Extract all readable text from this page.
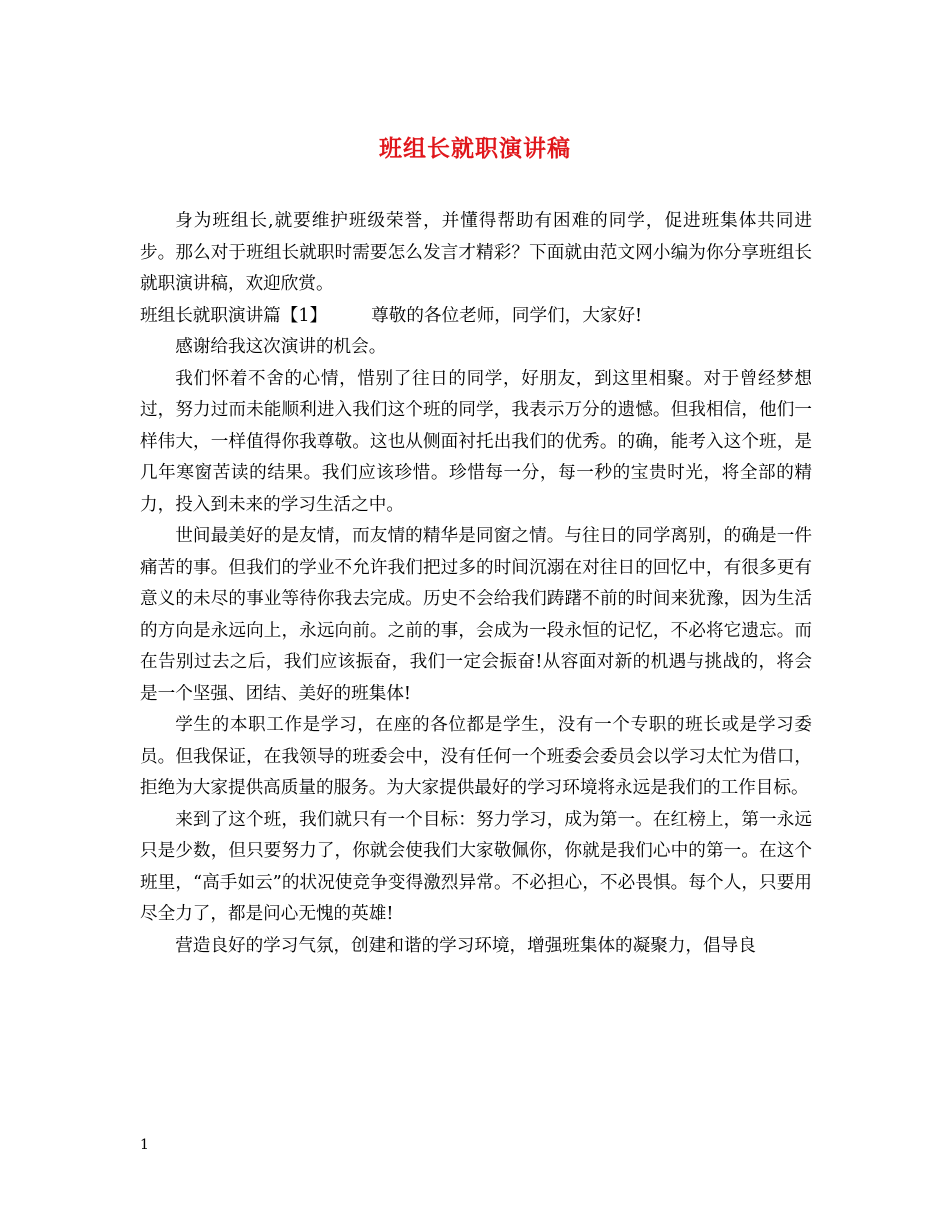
班组长就职演讲稿

身为班组长,就要维护班级荣誉，并懂得帮助有困难的同学，促进班集体共同进步。那么对于班组长就职时需要怎么发言才精彩？下面就由范文网小编为你分享班组长就职演讲稿，欢迎欣赏。

班组长就职演讲篇【1】	尊敬的各位老师，同学们，大家好!

感谢给我这次演讲的机会。

我们怀着不舍的心情，惜别了往日的同学，好朋友，到这里相聚。对于曾经梦想过，努力过而未能顺利进入我们这个班的同学，我表示万分的遗憾。但我相信，他们一样伟大，一样值得你我尊敬。这也从侧面衬托出我们的优秀。的确，能考入这个班，是几年寒窗苦读的结果。我们应该珍惜。珍惜每一分，每一秒的宝贵时光，将全部的精力，投入到未来的学习生活之中。

世间最美好的是友情，而友情的精华是同窗之情。与往日的同学离别，的确是一件痛苦的事。但我们的学业不允许我们把过多的时间沉溺在对往日的回忆中，有很多更有意义的未尽的事业等待你我去完成。历史不会给我们踌躇不前的时间来犹豫，因为生活的方向是永远向上，永远向前。之前的事，会成为一段永恒的记忆，不必将它遗忘。而在告别过去之后，我们应该振奋，我们一定会振奋!从容面对新的机遇与挑战的，将会是一个坚强、团结、美好的班集体!

学生的本职工作是学习，在座的各位都是学生，没有一个专职的班长或是学习委员。但我保证，在我领导的班委会中，没有任何一个班委会委员会以学习太忙为借口，拒绝为大家提供高质量的服务。为大家提供最好的学习环境将永远是我们的工作目标。

来到了这个班，我们就只有一个目标：努力学习，成为第一。在红榜上，第一永远只是少数，但只要努力了，你就会使我们大家敬佩你，你就是我们心中的第一。在这个班里，“高手如云”的状况使竞争变得激烈异常。不必担心，不必畏惧。每个人，只要用尽全力了，都是问心无愧的英雄!

营造良好的学习气氛，创建和谐的学习环境，增强班集体的凝聚力，倡导良

1
